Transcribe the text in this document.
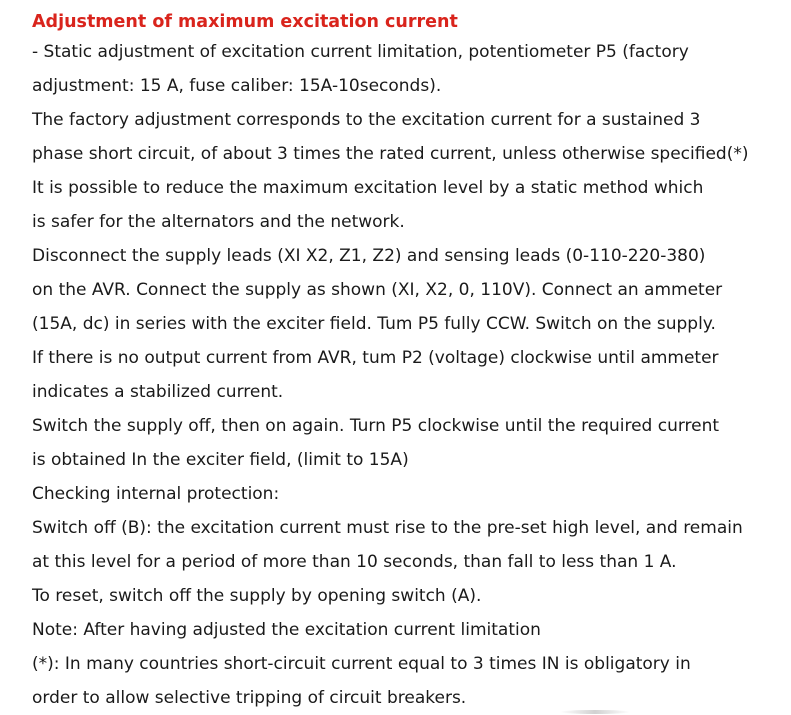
Adjustment of maximum excitation current
- Static adjustment of excitation current limitation, potentiometer P5 (factory
adjustment: 15 A, fuse caliber: 15A-10seconds).
The factory adjustment corresponds to the excitation current for a sustained 3
phase short circuit, of about 3 times the rated current, unless otherwise specified(*)
It is possible to reduce the maximum excitation level by a static method which
is safer for the alternators and the network.
Disconnect the supply leads (XI X2, Z1, Z2) and sensing leads (0-110-220-380)
on the AVR. Connect the supply as shown (XI, X2, 0, 110V). Connect an ammeter
(15A, dc) in series with the exciter field. Tum P5 fully CCW. Switch on the supply.
If there is no output current from AVR, tum P2 (voltage) clockwise until ammeter
indicates a stabilized current.
Switch the supply off, then on again. Turn P5 clockwise until the required current
is obtained In the exciter field, (limit to 15A)
Checking internal protection:
Switch off (B): the excitation current must rise to the pre-set high level, and remain
at this level for a period of more than 10 seconds, than fall to less than 1 A.
To reset, switch off the supply by opening switch (A).
Note: After having adjusted the excitation current limitation
(*): In many countries short-circuit current equal to 3 times IN is obligatory in
order to allow selective tripping of circuit breakers.
